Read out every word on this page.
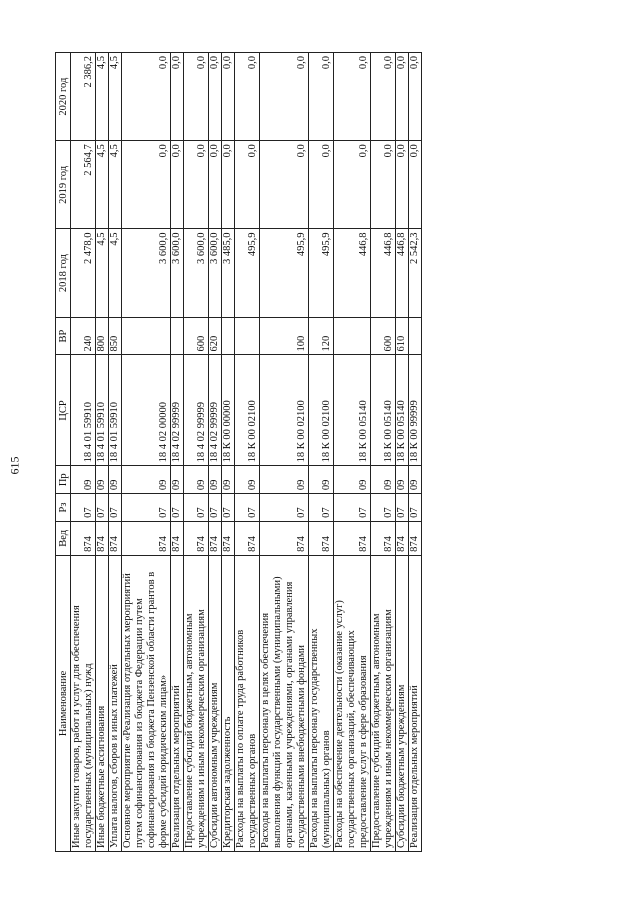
615
Наименование	Вед	Рз	Пр	ЦСР	ВР	2018 год	2019 год	2020 год
Иные закупки товаров, работ и услуг для обеспечения государственных (муниципальных) нужд	874	07	09	18 4 01 59910	240	2 478,0	2 564,7	2 386,2
Иные бюджетные ассигнования	874	07	09	18 4 01 59910	800	4,5	4,5	4,5
Уплата налогов, сборов и иных платежей	874	07	09	18 4 01 59910	850	4,5	4,5	4,5
Основное мероприятие «Реализация отдельных мероприятий путем софинансирования из бюджета Федерации путем софинансирования из бюджета Пензенской области грантов в форме субсидий юридическим лицам»	874	07	09	18 4 02 00000		3 600,0	0,0	0,0
Реализация отдельных мероприятий	874	07	09	18 4 02 99999		3 600,0	0,0	0,0
Предоставление субсидий бюджетным, автономным учреждениям и иным некоммерческим организациям	874	07	09	18 4 02 99999	600	3 600,0	0,0	0,0
Субсидии автономным учреждениям	874	07	09	18 4 02 99999	620	3 600,0	0,0	0,0
Кредиторская задолженность	874	07	09	18 К 00 00000		3 485,0	0,0	0,0
Расходы на выплаты по оплате труда работников государственных органов	874	07	09	18 К 00 02100		495,9	0,0	0,0
Расходы на выплаты персоналу в целях обеспечения выполнения функций государственными (муниципальными) органами, казенными учреждениями, органами управления государственными внебюджетными фондами	874	07	09	18 К 00 02100	100	495,9	0,0	0,0
Расходы на выплаты персоналу государственных (муниципальных) органов	874	07	09	18 К 00 02100	120	495,9	0,0	0,0
Расходы на обеспечение деятельности (оказание услуг) государственных организаций, обеспечивающих предоставление услуг в сфере образования	874	07	09	18 К 00 05140		446,8	0,0	0,0
Предоставление субсидий бюджетным, автономным учреждениям и иным некоммерческим организациям	874	07	09	18 К 00 05140	600	446,8	0,0	0,0
Субсидии бюджетным учреждениям	874	07	09	18 К 00 05140	610	446,8	0,0	0,0
Реализация отдельных мероприятий	874	07	09	18 К 00 99999		2 542,3	0,0	0,0
